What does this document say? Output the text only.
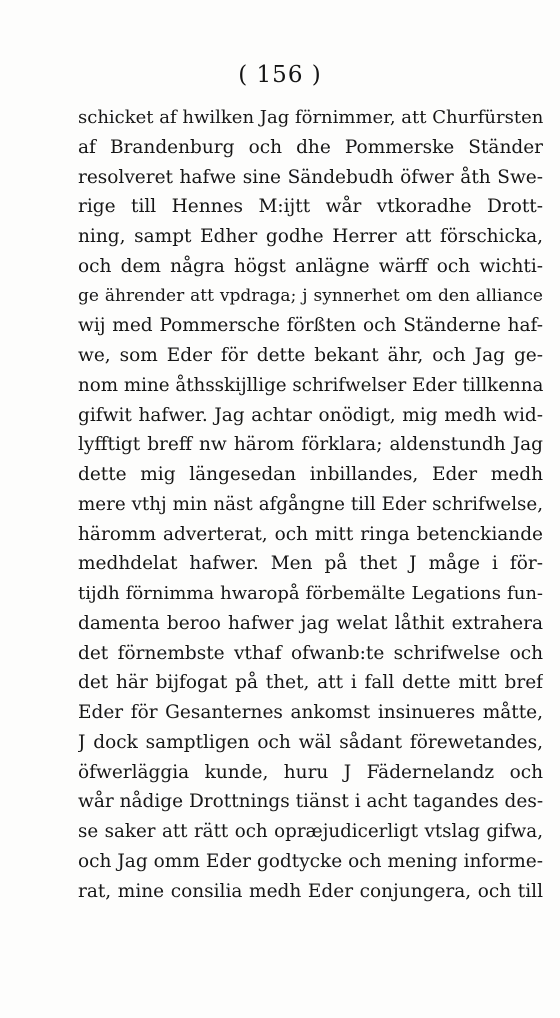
( 156 )
schicket af hwilken Jag förnimmer, att Churfürsten
af Brandenburg och dhe Pommerske Ständer
resolveret hafwe sine Sändebudh öfwer åth Swe-
rige till Hennes M:ijtt wår vtkoradhe Drott-
ning, sampt Edher godhe Herrer att förschicka,
och dem några högst anlägne wärff och wichti-
ge ährender att vpdraga; j synnerhet om den alliance
wij med Pommersche förßten och Ständerne haf-
we, som Eder för dette bekant ähr, och Jag ge-
nom mine åthsskijllige schrifwelser Eder tillkenna
gifwit hafwer. Jag achtar onödigt, mig medh wid-
lyfftigt breff nw härom förklara; aldenstundh Jag
dette mig längesedan inbillandes, Eder medh
mere vthj min näst afgångne till Eder schrifwelse,
häromm adverterat, och mitt ringa betenckiande
medhdelat hafwer. Men på thet J måge i för-
tijdh förnimma hwaropå förbemälte Legations fun-
damenta beroo hafwer jag welat låthit extrahera
det förnembste vthaf ofwanb:te schrifwelse och
det här bijfogat på thet, att i fall dette mitt bref
Eder för Gesanternes ankomst insinueres måtte,
J dock samptligen och wäl sådant förewetandes,
öfwerläggia kunde, huru J Fädernelandz och
wår nådige Drottnings tiänst i acht tagandes des-
se saker att rätt och opræjudicerligt vtslag gifwa,
och Jag omm Eder godtycke och mening informe-
rat, mine consilia medh Eder conjungera, och till
